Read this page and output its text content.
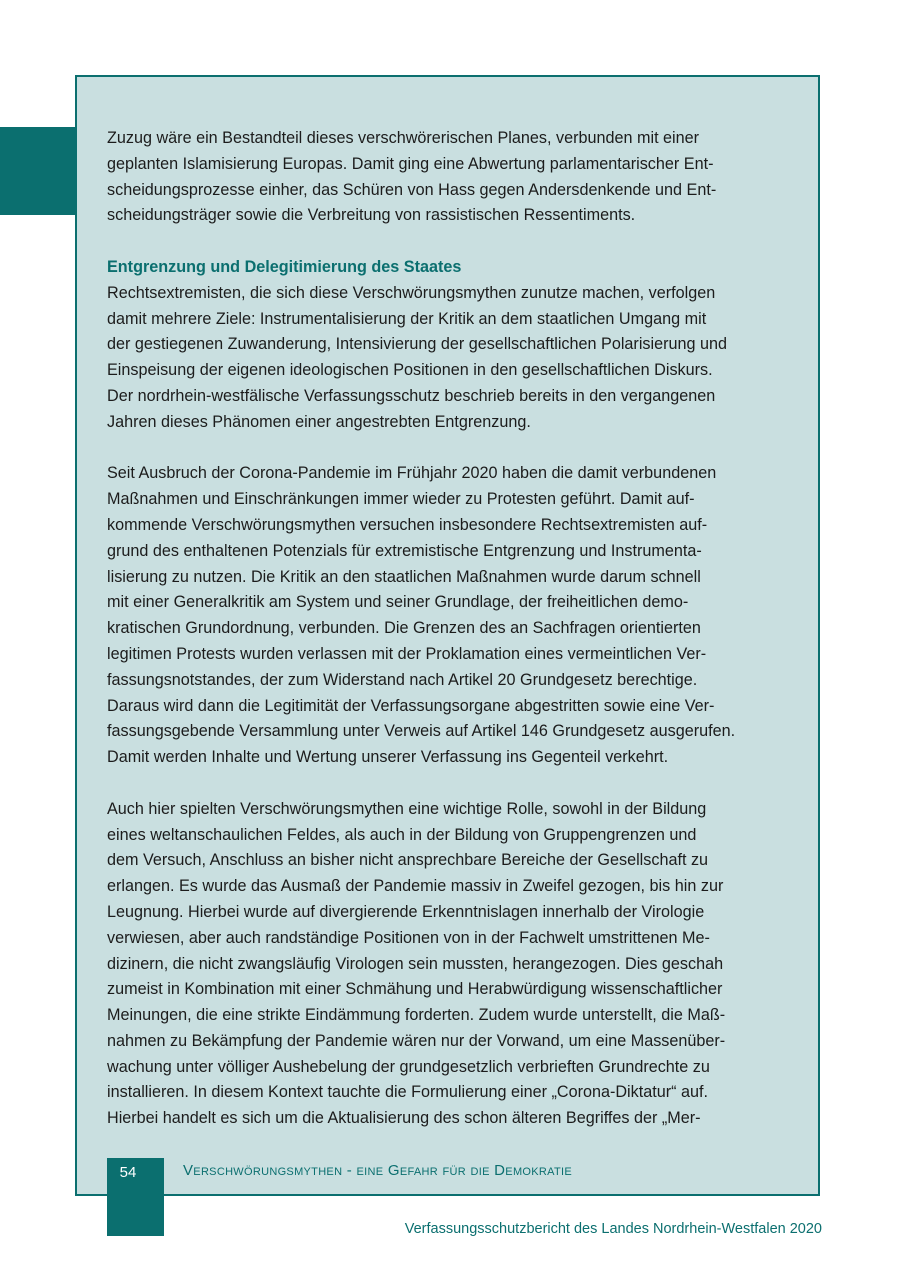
Zuzug wäre ein Bestandteil dieses verschwörerischen Planes, verbunden mit einer
geplanten Islamisierung Europas. Damit ging eine Abwertung parlamentarischer Ent-
scheidungsprozesse einher, das Schüren von Hass gegen Andersdenkende und Ent-
scheidungsträger sowie die Verbreitung von rassistischen Ressentiments.

Entgrenzung und Delegitimierung des Staates

Rechtsextremisten, die sich diese Verschwörungsmythen zunutze machen, verfolgen
damit mehrere Ziele: Instrumentalisierung der Kritik an dem staatlichen Umgang mit
der gestiegenen Zuwanderung, Intensivierung der gesellschaftlichen Polarisierung und
Einspeisung der eigenen ideologischen Positionen in den gesellschaftlichen Diskurs.
Der nordrhein-westfälische Verfassungsschutz beschrieb bereits in den vergangenen
Jahren dieses Phänomen einer angestrebten Entgrenzung.

Seit Ausbruch der Corona-Pandemie im Frühjahr 2020 haben die damit verbundenen
Maßnahmen und Einschränkungen immer wieder zu Protesten geführt. Damit auf-
kommende Verschwörungsmythen versuchen insbesondere Rechtsextremisten auf-
grund des enthaltenen Potenzials für extremistische Entgrenzung und Instrumenta-
lisierung zu nutzen. Die Kritik an den staatlichen Maßnahmen wurde darum schnell
mit einer Generalkritik am System und seiner Grundlage, der freiheitlichen demo-
kratischen Grundordnung, verbunden. Die Grenzen des an Sachfragen orientierten
legitimen Protests wurden verlassen mit der Proklamation eines vermeintlichen Ver-
fassungsnotstandes, der zum Widerstand nach Artikel 20 Grundgesetz berechtige.
Daraus wird dann die Legitimität der Verfassungsorgane abgestritten sowie eine Ver-
fassungsgebende Versammlung unter Verweis auf Artikel 146 Grundgesetz ausgerufen.
Damit werden Inhalte und Wertung unserer Verfassung ins Gegenteil verkehrt.

Auch hier spielten Verschwörungsmythen eine wichtige Rolle, sowohl in der Bildung
eines weltanschaulichen Feldes, als auch in der Bildung von Gruppengrenzen und
dem Versuch, Anschluss an bisher nicht ansprechbare Bereiche der Gesellschaft zu
erlangen. Es wurde das Ausmaß der Pandemie massiv in Zweifel gezogen, bis hin zur
Leugnung. Hierbei wurde auf divergierende Erkenntnislagen innerhalb der Virologie
verwiesen, aber auch randständige Positionen von in der Fachwelt umstrittenen Me-
dizinern, die nicht zwangsläufig Virologen sein mussten, herangezogen. Dies geschah
zumeist in Kombination mit einer Schmähung und Herabwürdigung wissenschaftlicher
Meinungen, die eine strikte Eindämmung forderten. Zudem wurde unterstellt, die Maß-
nahmen zu Bekämpfung der Pandemie wären nur der Vorwand, um eine Massenüber-
wachung unter völliger Aushebelung der grundgesetzlich verbrieften Grundrechte zu
installieren. In diesem Kontext tauchte die Formulierung einer „Corona-Diktatur“ auf.
Hierbei handelt es sich um die Aktualisierung des schon älteren Begriffes der „Mer-

54	Verschwörungsmythen - eine Gefahr für die Demokratie
Verfassungsschutzbericht des Landes Nordrhein-Westfalen 2020
